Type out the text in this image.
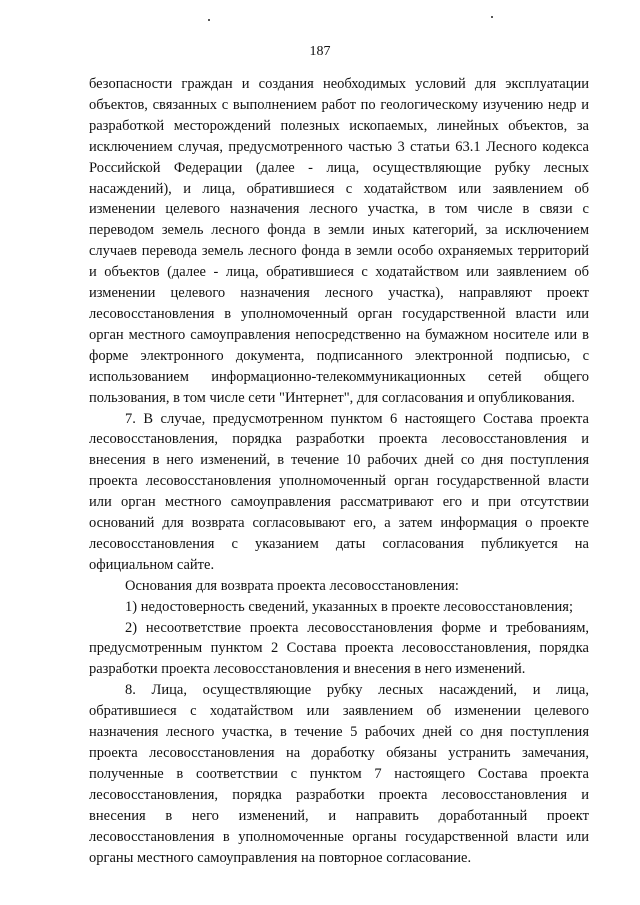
187

безопасности граждан и создания необходимых условий для эксплуатации объектов, связанных с выполнением работ по геологическому изучению недр и разработкой месторождений полезных ископаемых, линейных объектов, за исключением случая, предусмотренного частью 3 статьи 63.1 Лесного кодекса Российской Федерации (далее - лица, осуществляющие рубку лесных насаждений), и лица, обратившиеся с ходатайством или заявлением об изменении целевого назначения лесного участка, в том числе в связи с переводом земель лесного фонда в земли иных категорий, за исключением случаев перевода земель лесного фонда в земли особо охраняемых территорий и объектов (далее - лица, обратившиеся с ходатайством или заявлением об изменении целевого назначения лесного участка), направляют проект лесовосстановления в уполномоченный орган государственной власти или орган местного самоуправления непосредственно на бумажном носителе или в форме электронного документа, подписанного электронной подписью, с использованием информационно-телекоммуникационных сетей общего пользования, в том числе сети "Интернет", для согласования и опубликования.

7. В случае, предусмотренном пунктом 6 настоящего Состава проекта лесовосстановления, порядка разработки проекта лесовосстановления и внесения в него изменений, в течение 10 рабочих дней со дня поступления проекта лесовосстановления уполномоченный орган государственной власти или орган местного самоуправления рассматривают его и при отсутствии оснований для возврата согласовывают его, а затем информация о проекте лесовосстановления с указанием даты согласования публикуется на официальном сайте.

Основания для возврата проекта лесовосстановления:

1) недостоверность сведений, указанных в проекте лесовосстановления;

2) несоответствие проекта лесовосстановления форме и требованиям, предусмотренным пунктом 2 Состава проекта лесовосстановления, порядка разработки проекта лесовосстановления и внесения в него изменений.

8. Лица, осуществляющие рубку лесных насаждений, и лица, обратившиеся с ходатайством или заявлением об изменении целевого назначения лесного участка, в течение 5 рабочих дней со дня поступления проекта лесовосстановления на доработку обязаны устранить замечания, полученные в соответствии с пунктом 7 настоящего Состава проекта лесовосстановления, порядка разработки проекта лесовосстановления и внесения в него изменений, и направить доработанный проект лесовосстановления в уполномоченные органы государственной власти или органы местного самоуправления на повторное согласование.
